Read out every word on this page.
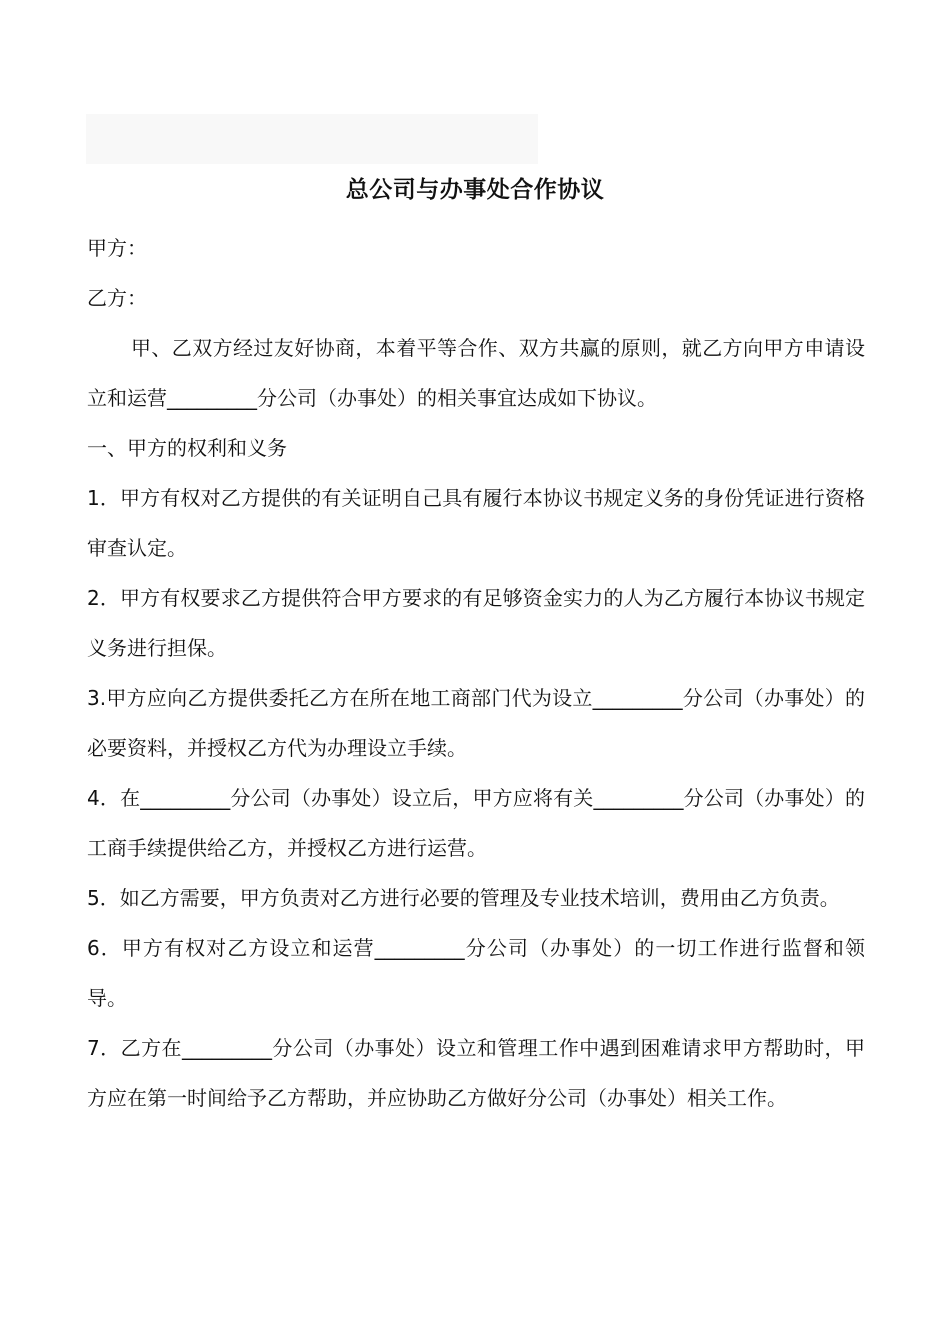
总公司与办事处合作协议

甲方：

乙方：

甲、乙双方经过友好协商，本着平等合作、双方共赢的原则，就乙方向甲方申请设立和运营_________分公司（办事处）的相关事宜达成如下协议。

一、甲方的权利和义务

1．甲方有权对乙方提供的有关证明自己具有履行本协议书规定义务的身份凭证进行资格审查认定。

2．甲方有权要求乙方提供符合甲方要求的有足够资金实力的人为乙方履行本协议书规定义务进行担保。

3.甲方应向乙方提供委托乙方在所在地工商部门代为设立_________分公司（办事处）的必要资料，并授权乙方代为办理设立手续。

4．在_________分公司（办事处）设立后，甲方应将有关_________分公司（办事处）的工商手续提供给乙方，并授权乙方进行运营。

5．如乙方需要，甲方负责对乙方进行必要的管理及专业技术培训，费用由乙方负责。

6．甲方有权对乙方设立和运营_________分公司（办事处）的一切工作进行监督和领导。

7．乙方在_________分公司（办事处）设立和管理工作中遇到困难请求甲方帮助时，甲方应在第一时间给予乙方帮助，并应协助乙方做好分公司（办事处）相关工作。
